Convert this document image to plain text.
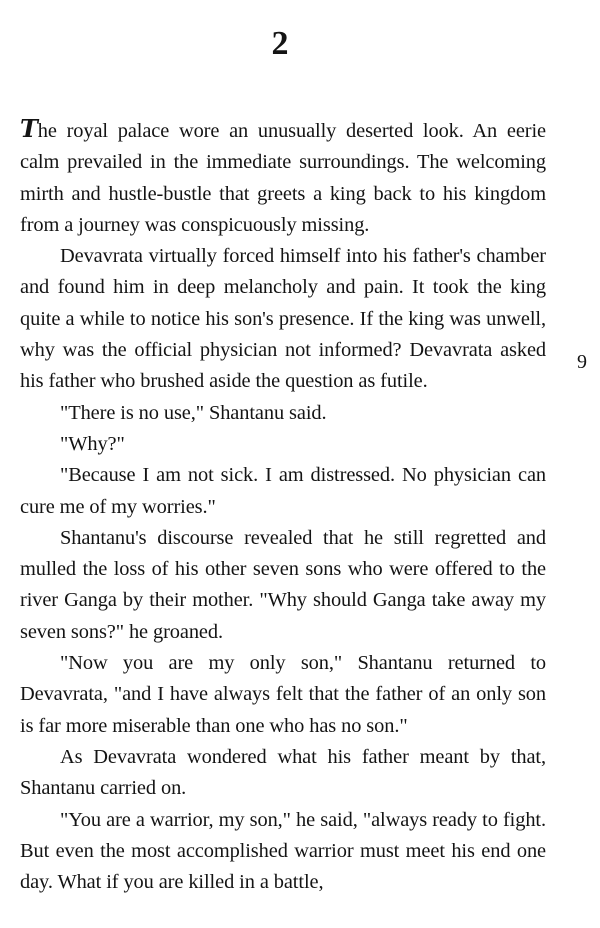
2

The royal palace wore an unusually deserted look. An eerie calm prevailed in the immediate surroundings. The welcoming mirth and hustle-bustle that greets a king back to his kingdom from a journey was conspicuously missing.

Devavrata virtually forced himself into his father's chamber and found him in deep melancholy and pain. It took the king quite a while to notice his son's presence. If the king was unwell, why was the official physician not informed? Devavrata asked his father who brushed aside the question as futile.

"There is no use," Shantanu said.

"Why?"

"Because I am not sick. I am distressed. No physician can cure me of my worries."

Shantanu's discourse revealed that he still regretted and mulled the loss of his other seven sons who were offered to the river Ganga by their mother. "Why should Ganga take away my seven sons?" he groaned.

"Now you are my only son," Shantanu returned to Devavrata, "and I have always felt that the father of an only son is far more miserable than one who has no son."

As Devavrata wondered what his father meant by that, Shantanu carried on.

"You are a warrior, my son," he said, "always ready to fight. But even the most accomplished warrior must meet his end one day. What if you are killed in a battle,

9
